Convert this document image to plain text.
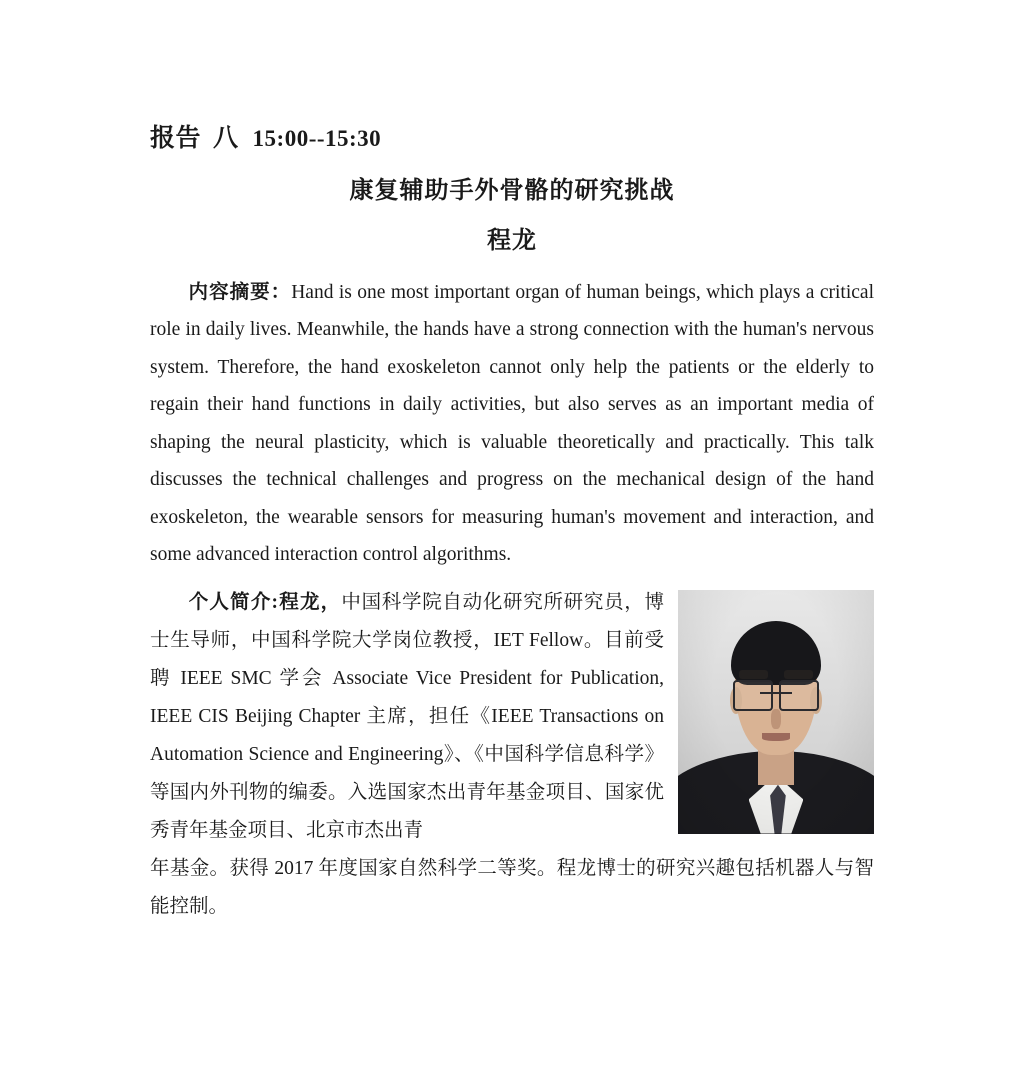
报告 八 15:00--15:30
康复辅助手外骨骼的研究挑战
程龙

内容摘要：Hand is one most important organ of human beings, which plays a critical role in daily lives. Meanwhile, the hands have a strong connection with the human's nervous system. Therefore, the hand exoskeleton cannot only help the patients or the elderly to regain their hand functions in daily activities, but also serves as an important media of shaping the neural plasticity, which is valuable theoretically and practically. This talk discusses the technical challenges and progress on the mechanical design of the hand exoskeleton, the wearable sensors for measuring human's movement and interaction, and some advanced interaction control algorithms.

个人简介:程龙，中国科学院自动化研究所研究员，博士生导师，中国科学院大学岗位教授，IET Fellow。目前受聘 IEEE SMC 学会 Associate Vice President for Publication, IEEE CIS Beijing Chapter 主席，担任《IEEE Transactions on Automation Science and Engineering》、《中国科学信息科学》等国内外刊物的编委。入选国家杰出青年基金项目、国家优秀青年基金项目、北京市杰出青

年基金。获得 2017 年度国家自然科学二等奖。程龙博士的研究兴趣包括机器人与智能控制。
